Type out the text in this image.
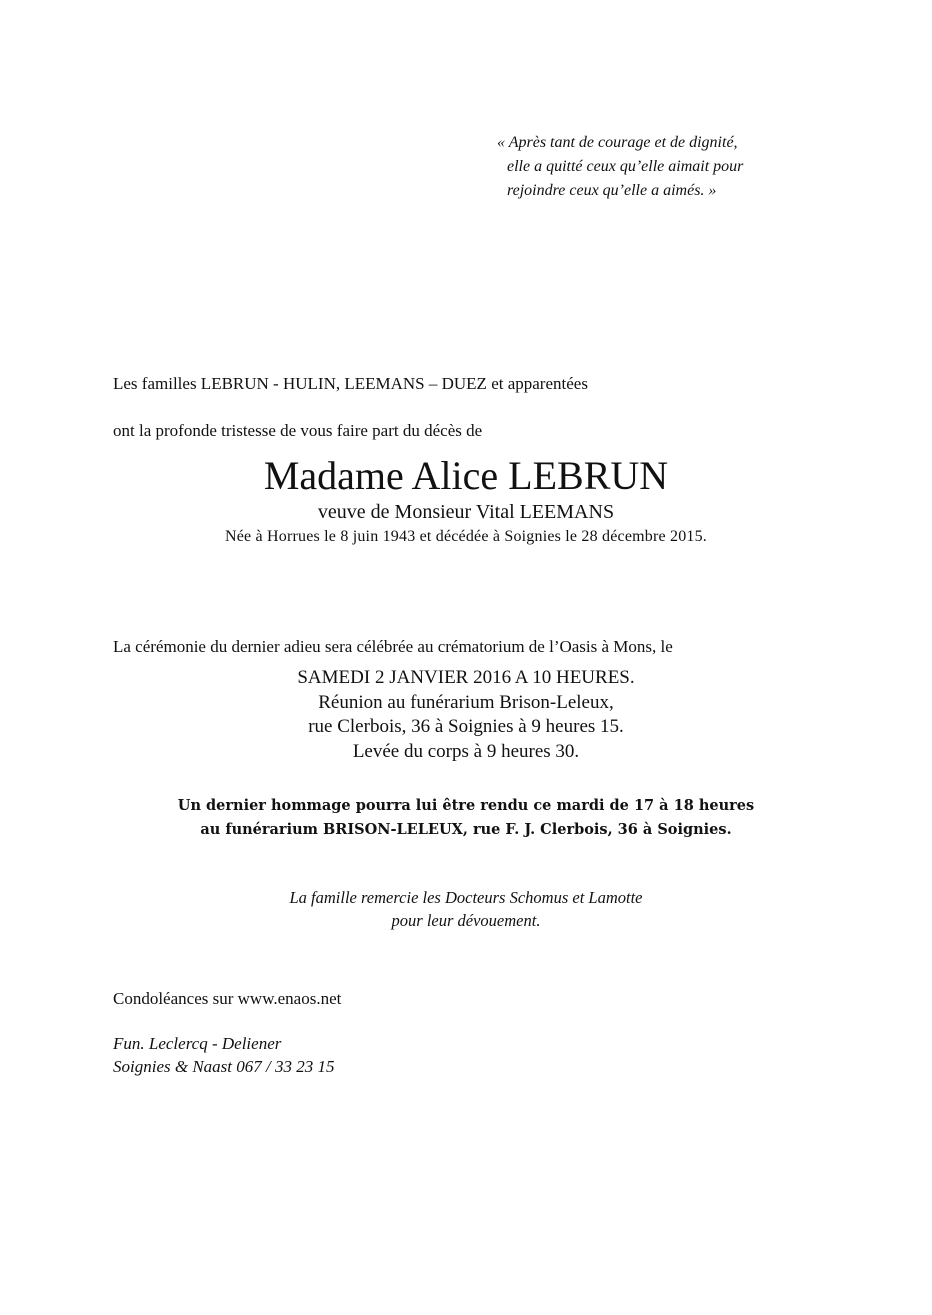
« Après tant de courage et de dignité,
elle a quitté ceux qu’elle aimait pour
rejoindre ceux qu’elle a aimés. »
Les familles LEBRUN - HULIN, LEEMANS – DUEZ et apparentées
ont la profonde tristesse de vous faire part du décès de
Madame Alice LEBRUN
veuve de Monsieur Vital LEEMANS
Née à Horrues le 8 juin 1943 et décédée à Soignies le 28 décembre 2015.
La cérémonie du dernier adieu sera célébrée au crématorium de l’Oasis à Mons, le
SAMEDI 2 JANVIER 2016 A 10 HEURES.
Réunion au funérarium Brison-Leleux,
rue Clerbois, 36 à Soignies à 9 heures 15.
Levée du corps à 9 heures 30.
Un dernier hommage pourra lui être rendu ce mardi de 17 à 18 heures
au funérarium BRISON-LELEUX, rue F. J. Clerbois, 36 à Soignies.
La famille remercie les Docteurs Schomus et Lamotte
pour leur dévouement.
Condoléances sur www.enaos.net
Fun. Leclercq - Deliener
Soignies & Naast 067 / 33 23 15
